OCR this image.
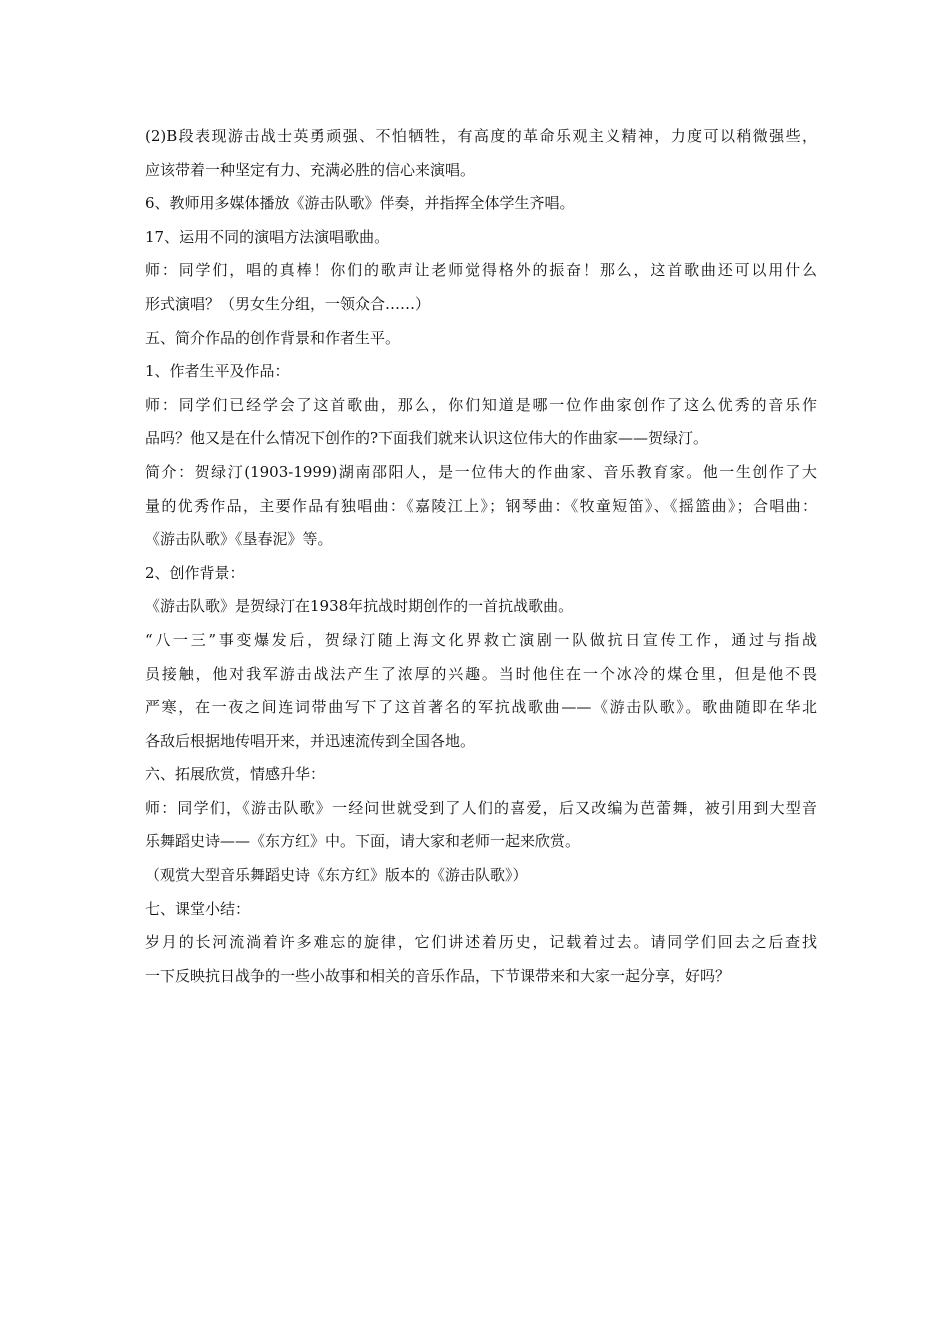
(2)B段表现游击战士英勇顽强、不怕牺牲，有高度的革命乐观主义精神，力度可以稍微强些，
应该带着一种坚定有力、充满必胜的信心来演唱。
6、教师用多媒体播放《游击队歌》伴奏，并指挥全体学生齐唱。
17、运用不同的演唱方法演唱歌曲。
师：同学们，唱的真棒！你们的歌声让老师觉得格外的振奋！那么，这首歌曲还可以用什么
形式演唱？（男女生分组，一领众合……）
五、简介作品的创作背景和作者生平。
1、作者生平及作品：
师：同学们已经学会了这首歌曲，那么，你们知道是哪一位作曲家创作了这么优秀的音乐作
品吗？他又是在什么情况下创作的?下面我们就来认识这位伟大的作曲家——贺绿汀。
简介：贺绿汀(1903-1999)湖南邵阳人，是一位伟大的作曲家、音乐教育家。他一生创作了大
量的优秀作品，主要作品有独唱曲：《嘉陵江上》；钢琴曲：《牧童短笛》、《摇篮曲》；合唱曲：
《游击队歌》《垦春泥》等。
2、创作背景：
《游击队歌》是贺绿汀在1938年抗战时期创作的一首抗战歌曲。
“八一三”事变爆发后，贺绿汀随上海文化界救亡演剧一队做抗日宣传工作，通过与指战
员接触，他对我军游击战法产生了浓厚的兴趣。当时他住在一个冰冷的煤仓里，但是他不畏
严寒，在一夜之间连词带曲写下了这首著名的军抗战歌曲——《游击队歌》。歌曲随即在华北
各敌后根据地传唱开来，并迅速流传到全国各地。
六、拓展欣赏，情感升华：
师：同学们，《游击队歌》一经问世就受到了人们的喜爱，后又改编为芭蕾舞，被引用到大型音
乐舞蹈史诗——《东方红》中。下面，请大家和老师一起来欣赏。
（观赏大型音乐舞蹈史诗《东方红》版本的《游击队歌》）
七、课堂小结：
岁月的长河流淌着许多难忘的旋律，它们讲述着历史，记载着过去。请同学们回去之后查找
一下反映抗日战争的一些小故事和相关的音乐作品，下节课带来和大家一起分享，好吗？
